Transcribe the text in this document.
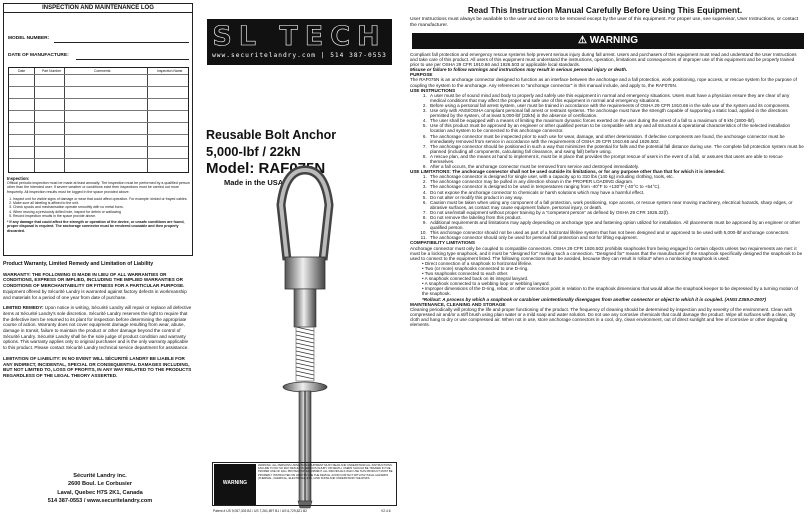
INSPECTION AND MAINTENANCE LOG
MODEL NUMBER:
DATE OF MANUFACTURE:
Date	Part Number	Comments	Inspection Name
Inspection:

Official periodic inspection must be made at least annually. The inspection must be performed by a qualified person other than the intended user. If severe weather or conditions exist then inspections must be carried out more frequently. All inspection results must be logged in the space provided above.

1. Inspect unit for visible signs of damage or wear that could affect operation. For example: kinked or frayed cables.
2. Make sure all labeling is affixed to the unit.
3. Check spools and mechanisation operate smoothly with no metal burrs.
4. When reusing a previously drilled hole, inspect for debris or wallowing
5. Record inspection results in the space provide above.

* If any damage that could affect the strength or operation of the device, or unsafe conditions are found, proper disposal is required. The anchorage connector must be rendered unusable and then properly discarded.

Product Warranty, Limited Remedy and Limitation of Liability

WARRANTY: THE FOLLOWING IS MADE IN LIEU OF ALL WARRANTIES OR CONDITIONS, EXPRESS OR IMPLIED, INCLUDING THE IMPLIED WARRANTIES OR CONDITIONS OF MERCHANTABILITY OR FITNESS FOR A PARTICULAR PURPOSE. Equipment offered by Sécurité Landry is warranted against factory defects in workmanship and materials for a period of one year from date of purchase.

LIMITED REMEDY: Upon notice in writing, Sécurité Landry will repair or replace all defective items at Sécurité Landry's sole discretion. Sécurité Landry reserves the right to require that the defective item be returned to its plant for inspection before determining the appropriate course of action. Warranty does not cover equipment damage resulting from wear, abuse, damage in transit, failure to maintain the product or other damage beyond the control of Sécurité Landry. Sécurité Landry shall be the sole judge of product condition and warranty options. This warranty applies only to original purchaser and is the only warranty applicable to this product. Please contact Sécurité Landry technical service department for assistance.

LIMITATION OF LIABILITY: IN NO EVENT WILL SÉCURITÉ LANDRY BE LIABLE FOR ANY INDIRECT, INCIDENTAL, SPECIAL OR CONSEQUENTIAL DAMAGES INCLUDING, BUT NOT LIMITED TO, LOSS OF PROFITS, IN ANY WAY RELATED TO THE PRODUCTS REGARDLESS OF THE LEGAL THEORY ASSERTED.

Sécurité Landry inc.
2600 Boul. Le Corbusier
Laval, Quebec H7S 2K1, Canada
514 387-0553 / www.securitelandry.com
SL TECH
www.securitelandry.com | 514 387-0553
Reusable Bolt Anchor
5,000-lbf / 22kN
Model: RAF075N
Made in the USA
WARNING

WARNING: ALL PERSONS USING THIS EQUIPMENT MUST READ AND UNDERSTAND ALL INSTRUCTIONS. FAILURE TO DO SO MAY RESULT IN SERIOUS INJURY OR DEATH. USERS SHOULD BE TRAINED IN THE PROPER USE OF FALL PROTECTION EQUIPMENT. ALL INDIVIDUALS WHO USE THIS PRODUCT MUST BE PROPERLY INSTRUCTED ON HOW TO USE THE DEVICE, AVOID CONTACT WITH PHYSICAL HAZARDS (THERMAL, CHEMICAL, ELECTRICAL, ETC.) AND KNOW AND UNDERSTAND THE RISKS.

Patent # US 9,057,303 B2 / US 7,261,897 B1 / US 6,729,821 B2	V2.4.6
Read This Instruction Manual Carefully Before Using This Equipment.
User Instructions must always be available to the user and are not to be removed except by the user of this equipment. For proper use, see supervisor, User Instructions, or contact the manufacturer.
⚠ WARNING

Compliant fall protection and emergency rescue systems help prevent serious injury during fall arrest. Users and purchasers of this equipment must read and understand the User Instructions and take care of this product. All users of this equipment must understand the instructions, operation, limitations and consequences of improper use of this equipment and be properly trained prior to use per OSHA 29 CFR 1910.66 and 1926.503 or applicable local standards.

Misuse or failure to follow warnings and instructions may result in serious personal injury or death.

PURPOSE

The RAF075N is an anchorage connector designed to function as an interface between the anchorage and a fall protection, work positioning, rope access, or rescue system for the purpose of coupling the system to the anchorage. Any references to "anchorage connector" in this manual include, and apply to, the RAF075N.

USE INSTRUCTIONS
1. A user must be of sound mind and body to properly and safely use this equipment in normal and emergency situations. Users must have a physician ensure they are clear of any medical conditions that may affect the proper and safe use of this equipment in normal and emergency situations.
2. Before using a personal fall arrest system, user must be trained in accordance with the requirements of OSHA 29 CFR 1910.66 in the safe use of the system and its components.
3. Use only with ANSI/OSHA compliant personal fall arrest or restraint systems. The anchorage must have the strength capable of supporting a static load, applied in the directions permitted by the system, of at least 5,000-lbf (22kN) in the absence of certification.
4. The user shall be equipped with a means of limiting the maximum dynamic forces exerted on the user during the arrest of a fall to a maximum of 8 kN (1800-lbf).
5. Use of this product must be approved by an engineer or other qualified person to be compatible with any and all structural & operational characteristics of the selected installation location and system to be connected to this anchorage connector.
6. The anchorage connector must be inspected prior to each use for wear, damage, and other deterioration. If defective components are found, the anchorage connector must be immediately removed from service in accordance with the requirements of OSHA 29 CFR 1910.66 and 1926.502.
7. The anchorage connector should be positioned in such a way that minimizes the potential for falls and the potential fall distance during use. The complete fall protection system must be planned (including all components, calculating fall clearance, and swing fall) before using.
8. A rescue plan, and the means at hand to implement it, must be in place that provides the prompt rescue of users in the event of a fall, or assures that users are able to rescue themselves.
9. After a fall occurs, the anchorage connector must be removed from service and destroyed immediately.
USE LIMITATIONS: The anchorage connector shall not be used outside its limitations, or for any purpose other than that for which it is intended.
1. The anchorage connector is designed for single user, with a capacity up to 310 lbs (140 kg) including clothing, tools, etc.
2. The anchorage connector may be pulled in any direction shown in the PROPER LOADING diagram.
3. The anchorage connector is designed to be used in temperatures ranging from -40°F to +130°F (-40°C to +54°C).
4. Do not expose the anchorage connector to chemicals or harsh solutions which may have a harmful effect.
5. Do not alter or modify this product in any way.
6. Caution must be taken when using any component of a fall protection, work positioning, rope access, or rescue system near moving machinery, electrical hazards, sharp edges, or abrasive surfaces, as contact may cause equipment failure, personal injury, or death.
7. Do not use/install equipment without proper training by a "competent person" as defined by OSHA 29 CFR 1926.32(f).
8. Do not remove the labeling from this product.
9. Additional requirements and limitations may apply depending on anchorage type and fastening option utilized for installation. All placements must be approved by an engineer or other qualified person.
10. This anchorage connector should not be used as part of a horizontal lifeline system that has not been designed and or approved to be used with 5,000-lbf anchorage connectors.
11. The anchorage connector should only be used for personal fall protection and not for lifting equipment.
COMPATIBILITY LIMITATIONS

Anchorage connector must only be coupled to compatible connectors. OSHA 29 CFR 1926.502 prohibits snaphooks from being engaged to certain objects unless two requirements are met: it must be a locking type snaphook, and it must be "designed for" making such a connection. "Designed for" means that the manufacturer of the snaphook specifically designed the snaphook to be used to connect to the equipment listed. The following connections must be avoided, because they can result in rollout* when a nonlocking snaphook is used:

• Direct connection of a snaphook to horizontal lifeline.
• Two (or more) snaphooks connected to one D-ring.
• Two snaphooks connected to each other.
• A snaphook connected back on its integral lanyard.
• A snaphook connected to a webbing loop or webbing lanyard.
• Improper dimensions of the D-ring, rebar, or other connection point in relation to the snaphook dimensions that would allow the snaphook keeper to be depressed by a turning motion of the snaphook.

*Rollout: A process by which a snaphook or carabiner unintentionally disengages from another connector or object to which it is coupled. (ANSI Z359.0-2007)

MAINTENANCE, CLEANING AND STORAGE

Cleaning periodically will prolong the life and proper functioning of the product. The frequency of cleaning should be determined by inspection and by severity of the environment. Clean with compressed air and/or a stiff brush using plain water or a mild soap and water solution. Do not use any corrosive chemicals that could damage the product. Wipe all surfaces with a clean, dry cloth and hang to dry or use compressed air. When not in use, store anchorage connectors in a cool, dry, clean environment, out of direct sunlight and free of corrosive or other degrading elements.
